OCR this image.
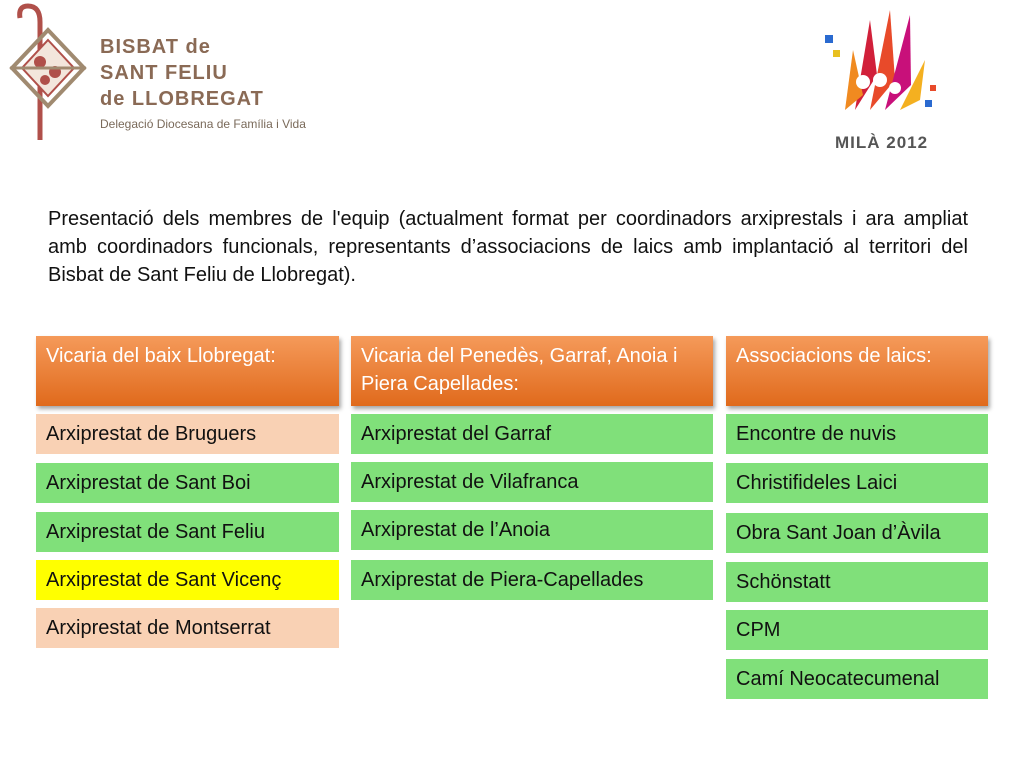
BISBAT de
SANT FELIU
de LLOBREGAT
Delegació Diocesana de Família i Vida
MILÀ 2012
Presentació dels membres de l'equip (actualment format per coordinadors arxiprestals i ara ampliat amb coordinadors funcionals, representants d’associacions de laics amb implantació al territori del Bisbat de Sant Feliu de Llobregat).
Vicaria del baix Llobregat:
Arxiprestat de Bruguers
Arxiprestat de Sant Boi
Arxiprestat de Sant Feliu
Arxiprestat de Sant Vicenç
Arxiprestat de Montserrat
Vicaria del Penedès, Garraf, Anoia i Piera Capellades:
Arxiprestat del Garraf
Arxiprestat de Vilafranca
Arxiprestat de l’Anoia
Arxiprestat de Piera-Capellades
Associacions de laics:
Encontre de nuvis
Christifideles Laici
Obra Sant Joan d’Àvila
Schönstatt
CPM
Camí Neocatecumenal
